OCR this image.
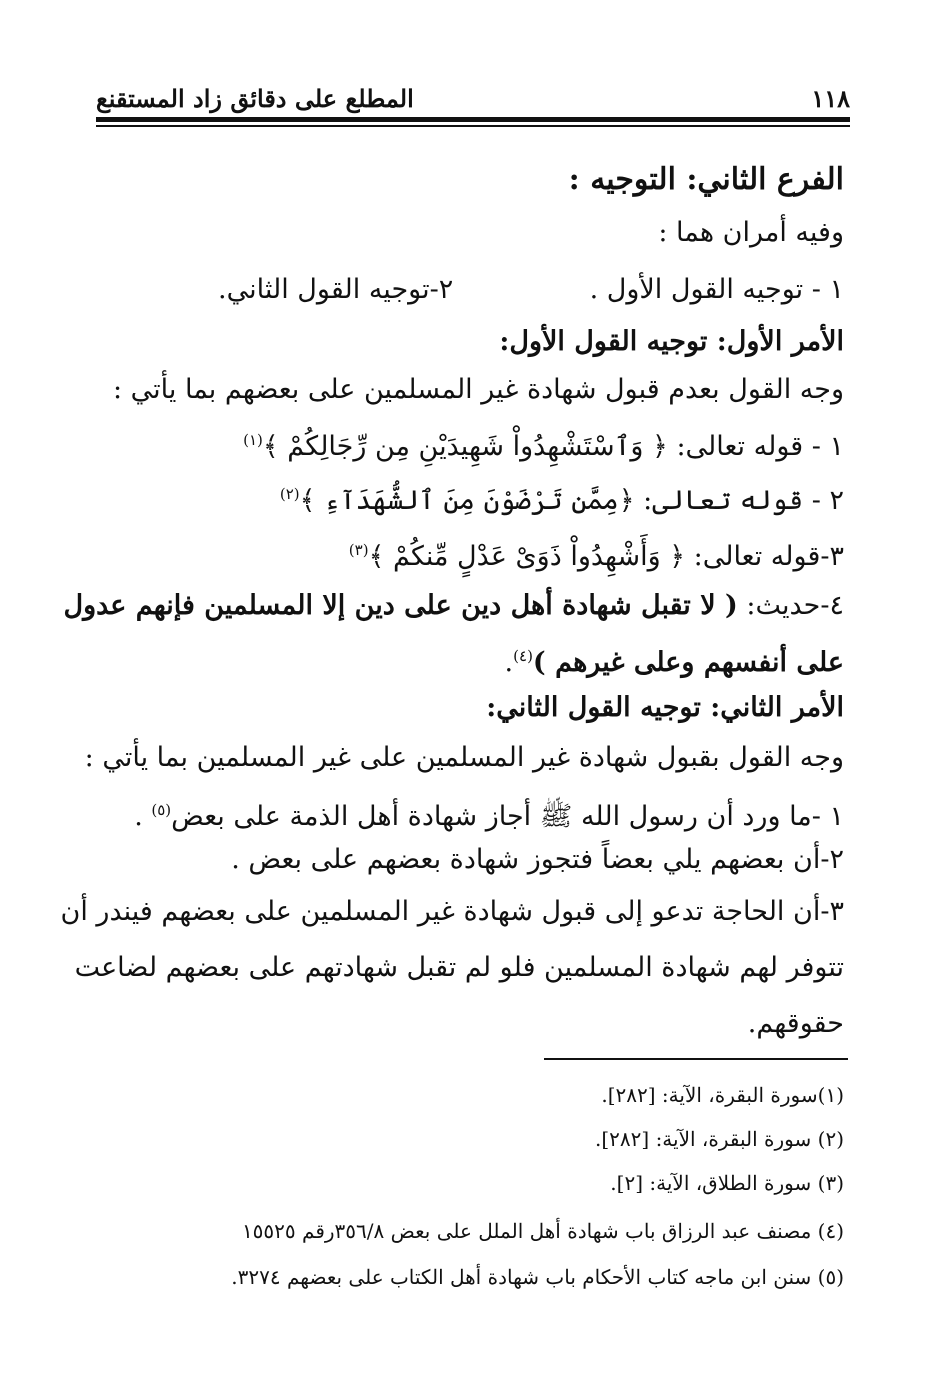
١١٨
المطلع على دقائق زاد المستقنع
الفرع الثاني: التوجيه :
وفيه أمران هما :
١ - توجيه القول الأول .
٢-توجيه القول الثاني.
الأمر الأول: توجيه القول الأول:
وجه القول بعدم قبول شهادة غير المسلمين على بعضهم بما يأتي :
١ - قوله تعالى: ﴿ وَٱسْتَشْهِدُواْ شَهِيدَيْنِ مِن رِّجَالِكُمْ ﴾$^{(١)}$
٢ - قوله تعالى: ﴿مِمَّن تَرْضَوْنَ مِنَ ٱلشُّهَدَآءِ ﴾$^{(٢)}$
٣-قوله تعالى: ﴿ وَأَشْهِدُواْ ذَوَىْ عَدْلٍ مِّنكُمْ ﴾$^{(٣)}$
٤-حديث: ( لا تقبل شهادة أهل دين على دين إلا المسلمين فإنهم عدول
على أنفسهم وعلى غيرهم )$^{(٤)}$.
الأمر الثاني: توجيه القول الثاني:
وجه القول بقبول شهادة غير المسلمين على غير المسلمين بما يأتي :
١ -ما ورد أن رسول الله ﷺ أجاز شهادة أهل الذمة على بعض$^{(٥)}$ .
٢-أن بعضهم يلي بعضاً فتجوز شهادة بعضهم على بعض .
٣-أن الحاجة تدعو إلى قبول شهادة غير المسلمين على بعضهم فيندر أن
تتوفر لهم شهادة المسلمين فلو لم تقبل شهادتهم على بعضهم لضاعت
حقوقهم.
(١)سورة البقرة، الآية: [٢٨٢].
(٢) سورة البقرة، الآية: [٢٨٢].
(٣) سورة الطلاق، الآية: [٢].
(٤) مصنف عبد الرزاق باب شهادة أهل الملل على بعض ٣٥٦/٨رقم ١٥٥٢٥
(٥) سنن ابن ماجه كتاب الأحكام باب شهادة أهل الكتاب على بعضهم ٣٢٧٤.
